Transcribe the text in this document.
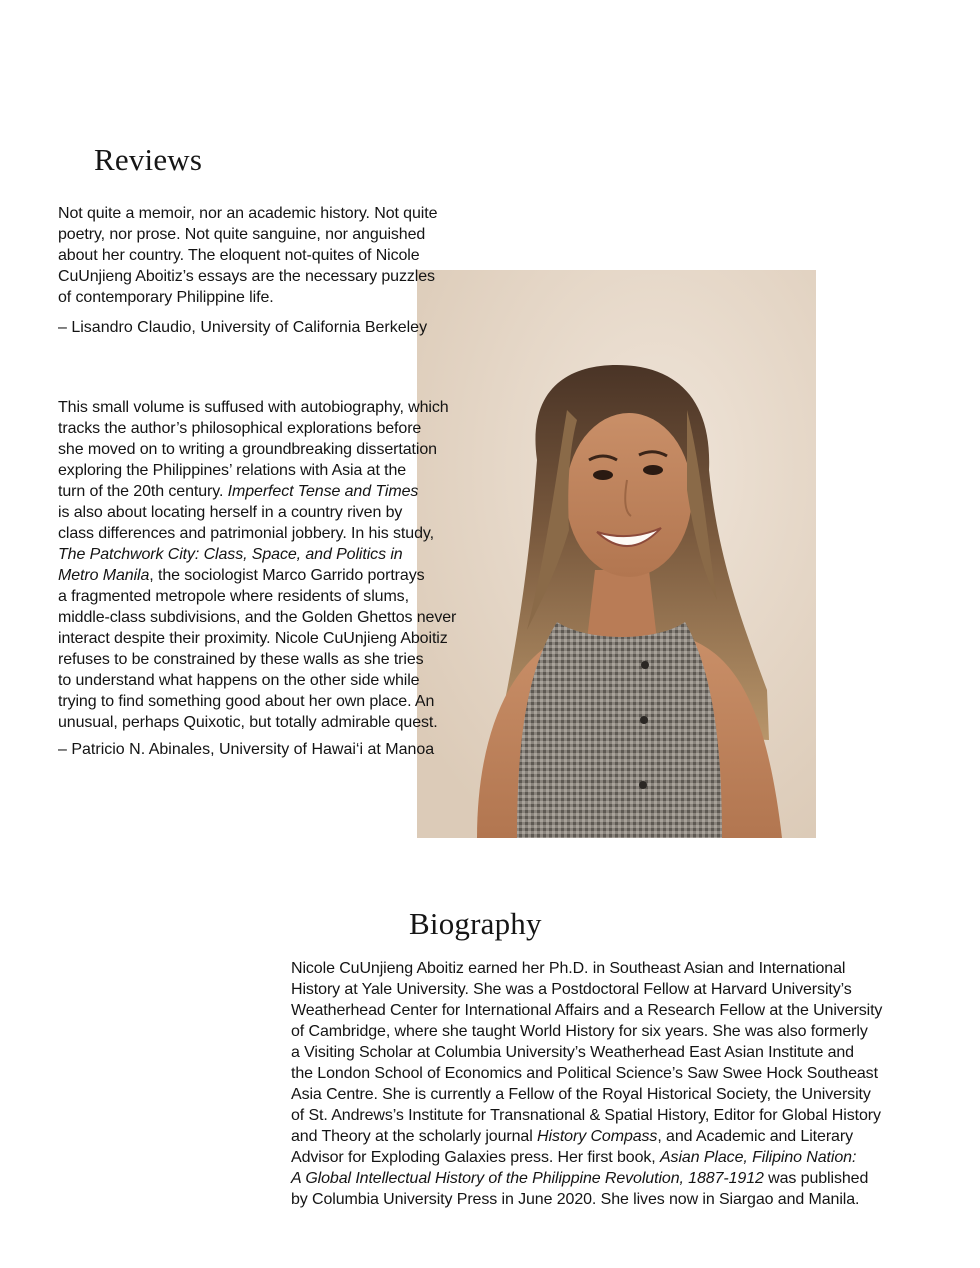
Reviews
Not quite a memoir, nor an academic history. Not quite
poetry, nor prose. Not quite sanguine, nor anguished
about her country. The eloquent not-quites of Nicole
CuUnjieng Aboitiz’s essays are the necessary puzzles
of contemporary Philippine life.

– Lisandro Claudio, University of California Berkeley

This small volume is suffused with autobiography, which
tracks the author’s philosophical explorations before
she moved on to writing a groundbreaking dissertation
exploring the Philippines’ relations with Asia at the
turn of the 20th century. Imperfect Tense and Times
is also about locating herself in a country riven by
class differences and patrimonial jobbery. In his study,
The Patchwork City: Class, Space, and Politics in
Metro Manila, the sociologist Marco Garrido portrays
a fragmented metropole where residents of slums,
middle-class subdivisions, and the Golden Ghettos never
interact despite their proximity. Nicole CuUnjieng Aboitiz
refuses to be constrained by these walls as she tries
to understand what happens on the other side while
trying to find something good about her own place. An
unusual, perhaps Quixotic, but totally admirable quest.

– Patricio N. Abinales, University of Hawai‘i at Manoa

Biography
Nicole CuUnjieng Aboitiz earned her Ph.D. in Southeast Asian and International
History at Yale University. She was a Postdoctoral Fellow at Harvard University’s
Weatherhead Center for International Affairs and a Research Fellow at the University
of Cambridge, where she taught World History for six years. She was also formerly
a Visiting Scholar at Columbia University’s Weatherhead East Asian Institute and
the London School of Economics and Political Science’s Saw Swee Hock Southeast
Asia Centre. She is currently a Fellow of the Royal Historical Society, the University
of St. Andrews’s Institute for Transnational & Spatial History, Editor for Global History
and Theory at the scholarly journal History Compass, and Academic and Literary
Advisor for Exploding Galaxies press. Her first book, Asian Place, Filipino Nation:
A Global Intellectual History of the Philippine Revolution, 1887-1912 was published
by Columbia University Press in June 2020. She lives now in Siargao and Manila.
